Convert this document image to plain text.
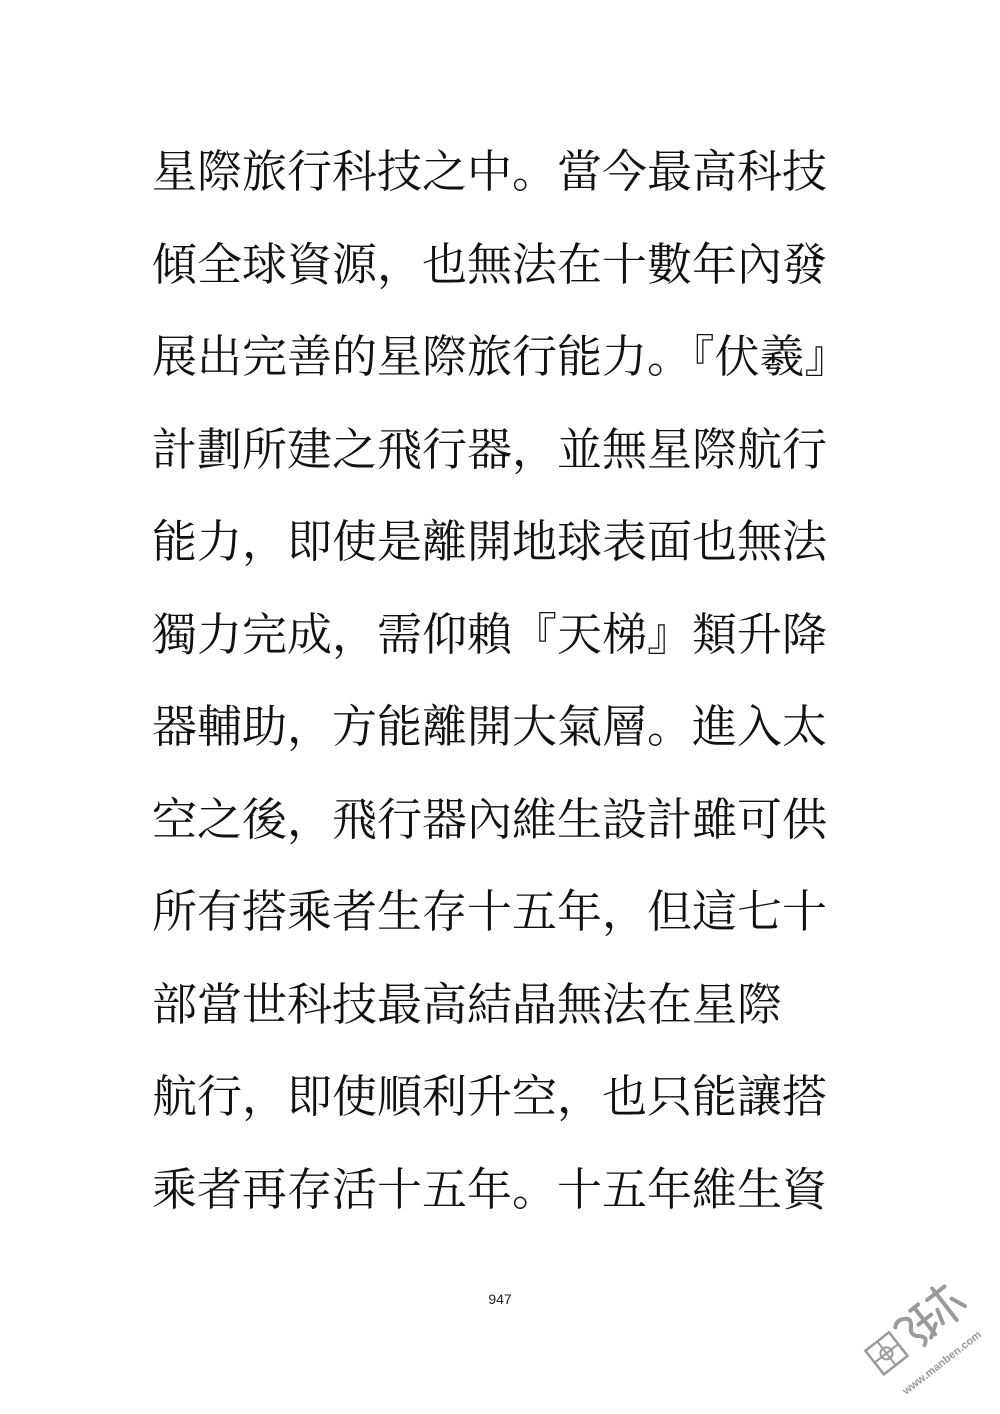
星際旅行科技之中。當今最高科技
傾全球資源，也無法在十數年內發
展出完善的星際旅行能力。『伏羲』
計劃所建之飛行器，並無星際航行
能力，即使是離開地球表面也無法
獨力完成，需仰賴『天梯』類升降
器輔助，方能離開大氣層。進入太
空之後，飛行器內維生設計雖可供
所有搭乘者生存十五年，但這七十
部當世科技最高結晶無法在星際
航行，即使順利升空，也只能讓搭
乘者再存活十五年。十五年維生資
947
www.manben.com
